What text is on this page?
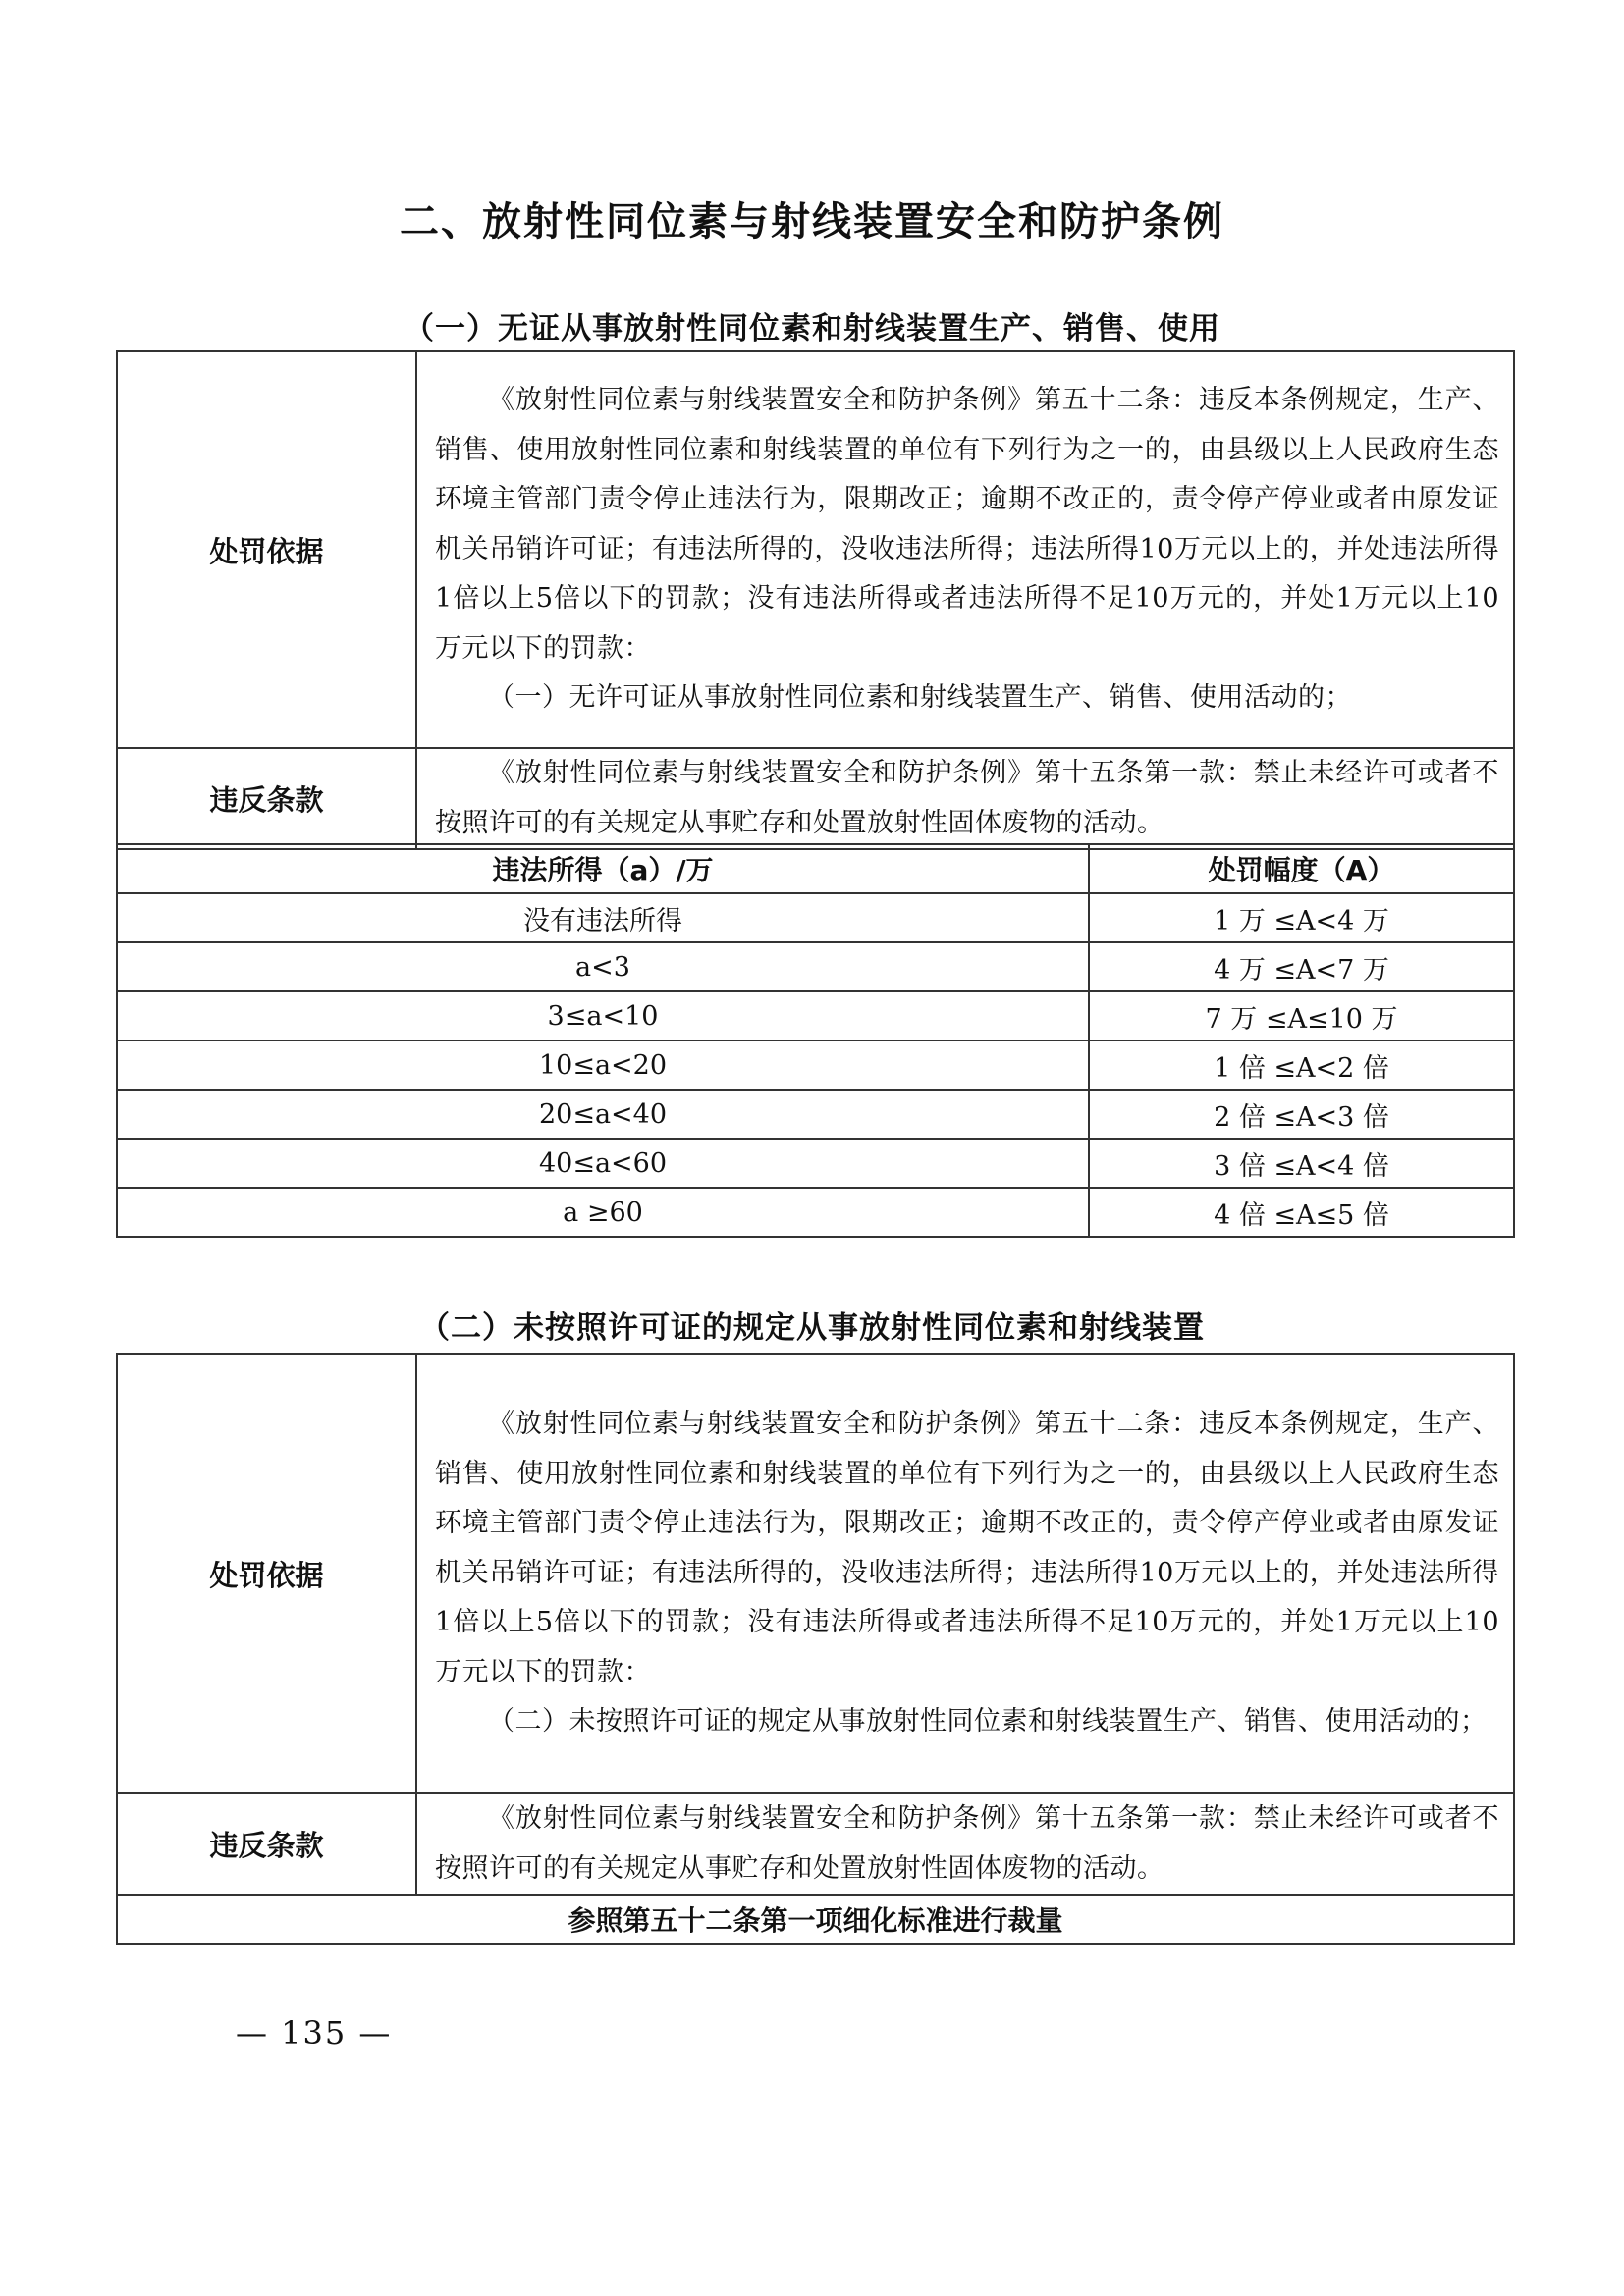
二、放射性同位素与射线装置安全和防护条例
（一）无证从事放射性同位素和射线装置生产、销售、使用
处罚依据	《放射性同位素与射线装置安全和防护条例》第五十二条：违反本条例规定，生产、销售、使用放射性同位素和射线装置的单位有下列行为之一的，由县级以上人民政府生态环境主管部门责令停止违法行为，限期改正；逾期不改正的，责令停产停业或者由原发证机关吊销许可证；有违法所得的，没收违法所得；违法所得10万元以上的，并处违法所得1倍以上5倍以下的罚款；没有违法所得或者违法所得不足10万元的，并处1万元以上10万元以下的罚款：

（一）无许可证从事放射性同位素和射线装置生产、销售、使用活动的；

违反条款	《放射性同位素与射线装置安全和防护条例》第十五条第一款：禁止未经许可或者不按照许可的有关规定从事贮存和处置放射性固体废物的活动。

违法所得（a）/万	处罚幅度（A）
没有违法所得	1 万 ≤A<4 万
a<3	4 万 ≤A<7 万
3≤a<10	7 万 ≤A≤10 万
10≤a<20	1 倍 ≤A<2 倍
20≤a<40	2 倍 ≤A<3 倍
40≤a<60	3 倍 ≤A<4 倍
a ≥60	4 倍 ≤A≤5 倍
（二）未按照许可证的规定从事放射性同位素和射线装置
处罚依据	《放射性同位素与射线装置安全和防护条例》第五十二条：违反本条例规定，生产、销售、使用放射性同位素和射线装置的单位有下列行为之一的，由县级以上人民政府生态环境主管部门责令停止违法行为，限期改正；逾期不改正的，责令停产停业或者由原发证机关吊销许可证；有违法所得的，没收违法所得；违法所得10万元以上的，并处违法所得1倍以上5倍以下的罚款；没有违法所得或者违法所得不足10万元的，并处1万元以上10万元以下的罚款：

（二）未按照许可证的规定从事放射性同位素和射线装置生产、销售、使用活动的；

违反条款	《放射性同位素与射线装置安全和防护条例》第十五条第一款：禁止未经许可或者不按照许可的有关规定从事贮存和处置放射性固体废物的活动。

参照第五十二条第一项细化标准进行裁量	
— 135 —
